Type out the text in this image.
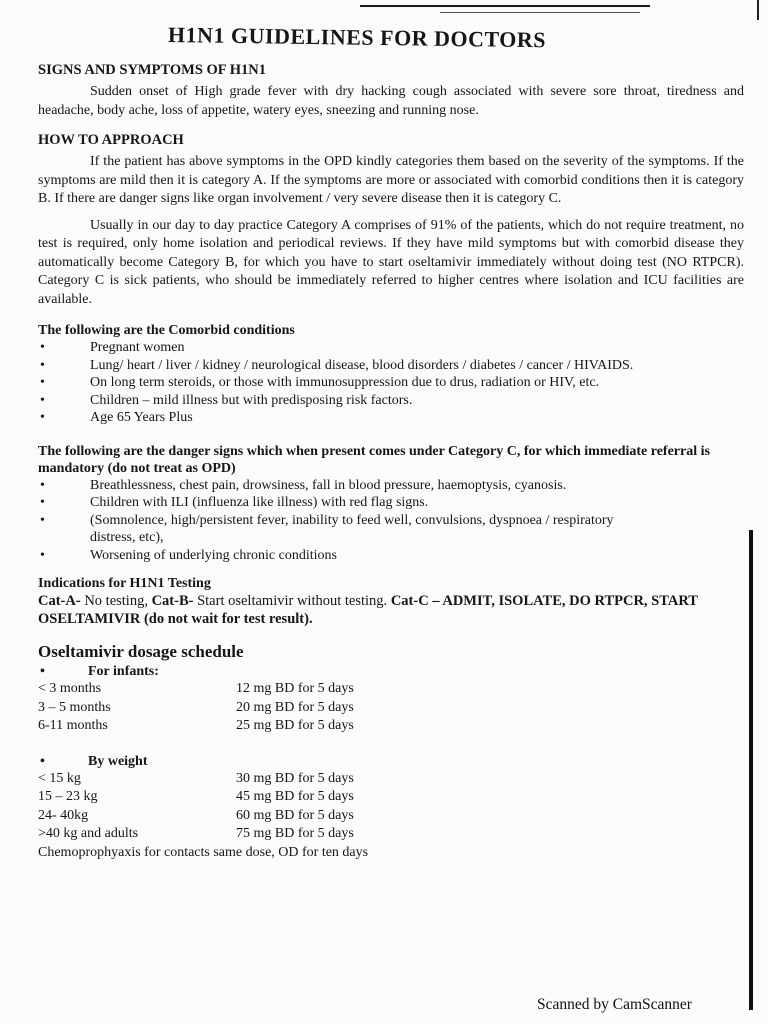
H1N1 GUIDELINES FOR DOCTORS
SIGNS AND SYMPTOMS OF H1N1

Sudden onset of High grade fever with dry hacking cough associated with severe sore throat, tiredness and headache, body ache, loss of appetite, watery eyes, sneezing and running nose.

HOW TO APPROACH

If the patient has above symptoms in the OPD kindly categories them based on the severity of the symptoms. If the symptoms are mild then it is category A. If the symptoms are more or associated with comorbid conditions then it is category B. If there are danger signs like organ involvement / very severe disease then it is category C.

Usually in our day to day practice Category A comprises of 91% of the patients, which do not require treatment, no test is required, only home isolation and periodical reviews. If they have mild symptoms but with comorbid disease they automatically become Category B, for which you have to start oseltamivir immediately without doing test (NO RTPCR). Category C is sick patients, who should be immediately referred to higher centres where isolation and ICU facilities are available.

The following are the Comorbid conditions
• Pregnant women
• Lung/ heart / liver / kidney / neurological disease, blood disorders / diabetes / cancer / HIVAIDS.
• On long term steroids, or those with immunosuppression due to drus, radiation or HIV, etc.
• Children – mild illness but with predisposing risk factors.
• Age 65 Years Plus
The following are the danger signs which when present comes under Category C, for which immediate referral is mandatory (do not treat as OPD)
• Breathlessness, chest pain, drowsiness, fall in blood pressure, haemoptysis, cyanosis.
• Children with ILI (influenza like illness) with red flag signs.
• (Somnolence, high/persistent fever, inability to feed well, convulsions, dyspnoea / respiratory distress, etc),
• Worsening of underlying chronic conditions
Indications for H1N1 Testing
Cat-A- No testing, Cat-B- Start oseltamivir without testing. Cat-C – ADMIT, ISOLATE, DO RTPCR, START OSELTAMIVIR (do not wait for test result).
Oseltamivir dosage schedule
•	For infants:
< 3 months	12 mg BD for 5 days
3 – 5 months	20 mg BD for 5 days
6-11 months	25 mg BD for 5 days
•	By weight
< 15 kg	30 mg BD for 5 days
15 – 23 kg	45 mg BD for 5 days
24- 40kg	60 mg BD for 5 days
>40 kg and adults	75 mg BD for 5 days
Chemoprophyaxis for contacts same dose, OD for ten days
Scanned by CamScanner
